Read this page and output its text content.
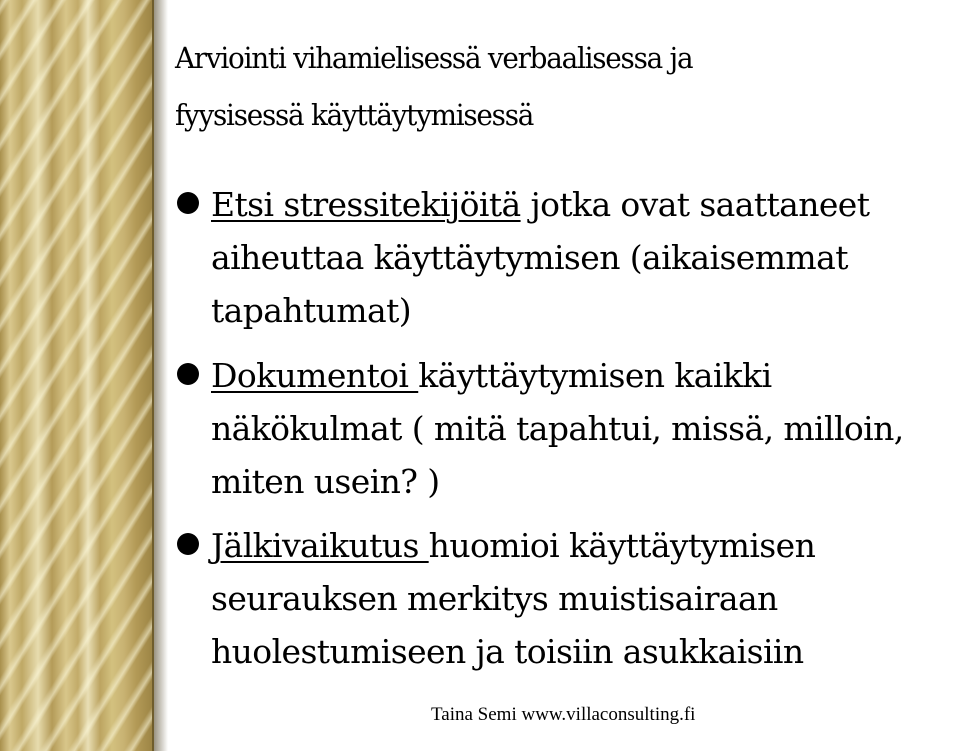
Arviointi vihamielisessä verbaalisessa ja
fyysisessä käyttäytymisessä
Etsi stressitekijöitä jotka ovat saattaneet aiheuttaa käyttäytymisen (aikaisemmat tapahtumat)
Dokumentoi käyttäytymisen kaikki näkökulmat ( mitä tapahtui, missä, milloin, miten usein? )
Jälkivaikutus huomioi käyttäytymisen seurauksen merkitys muistisairaan huolestumiseen ja toisiin asukkaisiin
Taina Semi www.villaconsulting.fi
